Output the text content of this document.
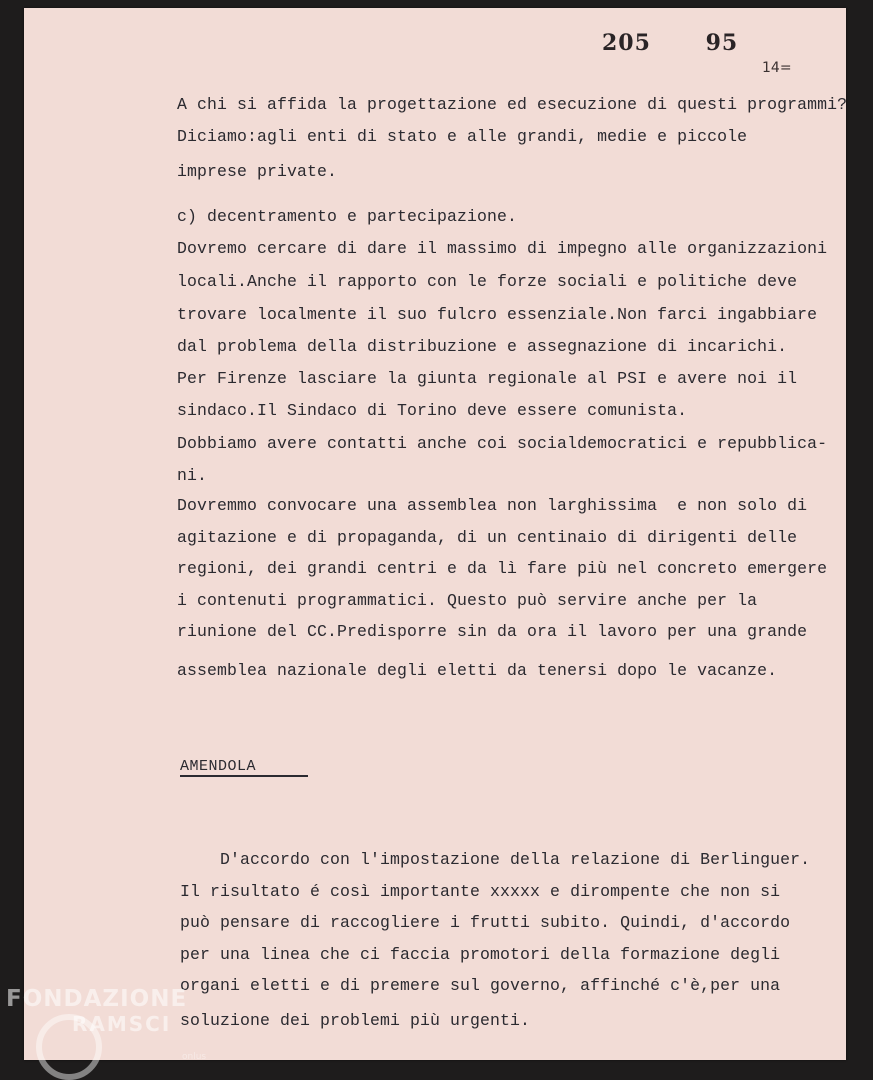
205 95
14=

A chi si affida la progettazione ed esecuzione di questi programmi?
Diciamo:agli enti di stato e alle grandi, medie e piccole
imprese private.
c) decentramento e partecipazione.
Dovremo cercare di dare il massimo di impegno alle organizzazioni
locali.Anche il rapporto con le forze sociali e politiche deve
trovare localmente il suo fulcro essenziale.Non farci ingabbiare
dal problema della distribuzione e assegnazione di incarichi.
Per Firenze lasciare la giunta regionale al PSI e avere noi il
sindaco.Il Sindaco di Torino deve essere comunista.
Dobbiamo avere contatti anche coi socialdemocratici e repubblica-
ni.
Dovremmo convocare una assemblea non larghissima  e non solo di
agitazione e di propaganda, di un centinaio di dirigenti delle
regioni, dei grandi centri e da lì fare più nel concreto emergere
i contenuti programmatici. Questo può servire anche per la
riunione del CC.Predisporre sin da ora il lavoro per una grande
assemblea nazionale degli eletti da tenersi dopo le vacanze.
AMENDOLA
D'accordo con l'impostazione della relazione di Berlinguer.
Il risultato é così importante xxxxx e dirompente che non si
può pensare di raccogliere i frutti subito. Quindi, d'accordo
per una linea che ci faccia promotori della formazione degli
organi eletti e di premere sul governo, affinché c'è,per una
soluzione dei problemi più urgenti.
FONDAZIONE
RAMSCI
onlus
